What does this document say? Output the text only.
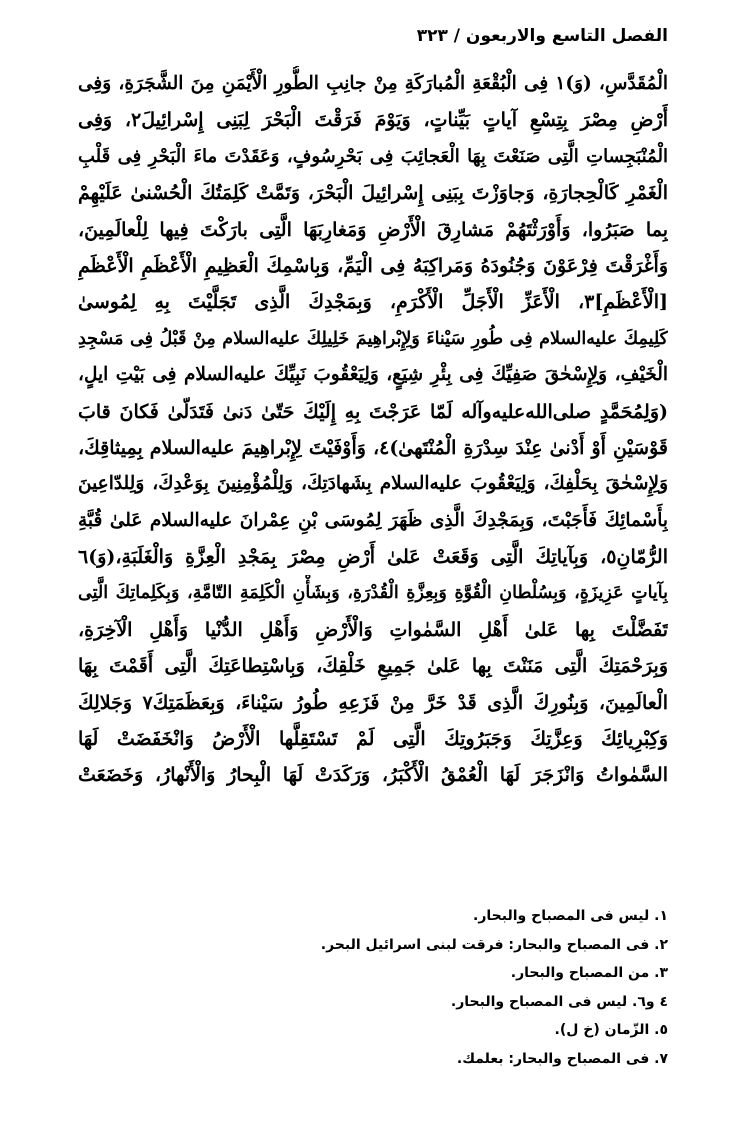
الفصل التاسع والاربعون / ٣٢٣
الْمُقَدَّسِ، (وَ)١ فِى الْبُقْعَةِ الْمُبارَكَةِ مِنْ جانِبِ الطُّورِ الْأَيْمَنِ مِنَ الشَّجَرَةِ، وَفِى
أَرْضِ مِصْرَ بِتِسْعِ آياتٍ بَيِّناتٍ، وَيَوْمَ فَرَقْتَ الْبَحْرَ لِبَنِى إِسْرائِيلَ٢، وَفِى
الْمُنْبَجِساتِ الَّتِى صَنَعْتَ بِهَا الْعَجائِبَ فِى بَحْرِسُوفٍ، وَعَقَدْتَ ماءَ الْبَحْرِ فِى قَلْبِ
الْغَمْرِ كَالْحِجارَةِ، وَجاوَزْتَ بِبَنِى إِسْرائِيلَ الْبَحْرَ، وَتَمَّتْ كَلِمَتُكَ الْحُسْنىٰ عَلَيْهِمْ
بِما صَبَرُوا، وَأَوْرَثْتَهُمْ مَشارِقَ الْأَرْضِ وَمَغارِبَهَا الَّتِى بارَكْتَ فِيها لِلْعالَمِينَ،
وَأَغْرَقْتَ فِرْعَوْنَ وَجُنُودَهُ وَمَراكِبَهُ فِى الْيَمِّ، وَبِاسْمِكَ الْعَظِيمِ الْأَعْظَمِ الْأَعْظَمِ
[الْأَعْظَمِ]٣، الْأَعَزِّ الْأَجَلِّ الْأَكْرَمِ، وَبِمَجْدِكَ الَّذِى تَجَلَّيْتَ بِهِ لِمُوسىٰ
كَلِيمِكَ عليه‌السلام فِى طُورِ سَيْناءَ وَلِإِبْراهِيمَ خَلِيلِكَ عليه‌السلام مِنْ قَبْلُ فِى مَسْجِدِ
الْخَيْفِ، وَلِإِسْحٰقَ صَفِيِّكَ فِى بِئْرِ شِيَعٍ، وَلِيَعْقُوبَ نَبِيِّكَ عليه‌السلام فِى بَيْتِ ايلٍ،
(وَلِمُحَمَّدٍ صلى‌الله‌عليه‌وآله لَمّا عَرَجْتَ بِهِ إِلَيْكَ حَتّىٰ دَنىٰ فَتَدَلّىٰ فَكانَ قابَ
قَوْسَيْنِ أَوْ أَدْنىٰ عِنْدَ سِدْرَةِ الْمُنْتَهىٰ)٤، وَأَوْفَيْتَ لِإِبْراهِيمَ عليه‌السلام بِمِيثاقِكَ،
وَلِإِسْحٰقَ بِحَلْفِكَ، وَلِيَعْقُوبَ عليه‌السلام بِشَهادَتِكَ، وَلِلْمُؤْمِنِينَ بِوَعْدِكَ، وَلِلدّاعِينَ
بِأَسْمائِكَ فَأَجَبْتَ، وَبِمَجْدِكَ الَّذِى ظَهَرَ لِمُوسَى بْنِ عِمْرانَ عليه‌السلام عَلىٰ قُبَّةِ
الرُّمّانِ٥، وَبِآياتِكَ الَّتِى وَقَعَتْ عَلىٰ أَرْضِ مِصْرَ بِمَجْدِ الْعِزَّةِ وَالْغَلَبَةِ،(وَ)٦
بِآياتٍ عَزِيزَةٍ، وَبِسُلْطانِ الْقُوَّةِ وَبِعِزَّةِ الْقُدْرَةِ، وَبِشَأْنِ الْكَلِمَةِ التّامَّةِ، وَبِكَلِماتِكَ الَّتِى
تَفَضَّلْتَ بِها عَلىٰ أَهْلِ السَّمٰواتِ وَالْأَرْضِ وَأَهْلِ الدُّنْيا وَأَهْلِ الْآخِرَةِ،
وَبِرَحْمَتِكَ الَّتِى مَنَنْتَ بِها عَلىٰ جَمِيعِ خَلْقِكَ، وَبِاسْتِطاعَتِكَ الَّتِى أَقَمْتَ بِهَا
الْعالَمِينَ، وَبِنُورِكَ الَّذِى قَدْ خَرَّ مِنْ فَزَعِهِ طُورُ سَيْناءَ، وَبِعَظَمَتِكَ٧ وَجَلالِكَ
وَكِبْرِيائِكَ وَعِزَّتِكَ وَجَبَرُوتِكَ الَّتِى لَمْ تَسْتَقِلَّها الْأَرْضُ وَانْخَفَضَتْ لَهَا
السَّمٰواتُ وَانْزَجَرَ لَهَا الْعُمْقُ الْأَكْبَرُ، وَرَكَدَتْ لَهَا الْبِحارُ وَالْأَنْهارُ، وَخَضَعَتْ
١. ليس فى المصباح والبحار.
٢. فى المصباح والبحار: فرقت لبنى اسرائيل البحر.
٣. من المصباح والبحار.
٤ و٦. ليس فى المصباح والبحار.
٥. الزّمان (خ ل).
٧. فى المصباح والبحار: بعلمك.
